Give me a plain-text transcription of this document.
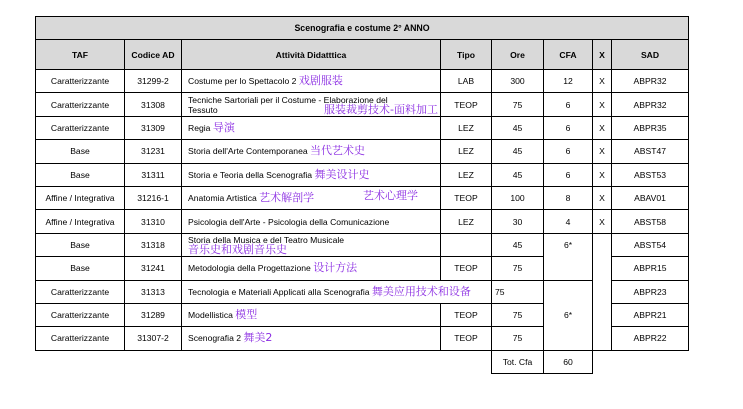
Scenografia e costume 2° ANNO							
TAF	Codice AD	Attività Didatttica	Tipo	Ore	CFA	X	SAD
Caratterizzante	31299-2	Costume per lo Spettacolo 2 戏剧服装	LAB	300	12	X	ABPR32
Caratterizzante	31308	Tecniche Sartoriali per il Costume - Elaborazione del Tessuto 服装裁剪技术-面料加工	TEOP	75	6	X	ABPR32
Caratterizzante	31309	Regia 导演	LEZ	45	6	X	ABPR35
Base	31231	Storia dell'Arte Contemporanea 当代艺术史	LEZ	45	6	X	ABST47
Base	31311	Storia e Teoria della Scenografia 舞美设计史	LEZ	45	6	X	ABST53
Affine / Integrativa	31216-1	Anatomia Artistica 艺术解剖学 艺术心理学	TEOP	100	8	X	ABAV01
Affine / Integrativa	31310	Psicologia dell'Arte - Psicologia della Comunicazione	LEZ	30	4	X	ABST58
Base	31318	Storia della Musica e del Teatro Musicale 音乐史和戏剧音乐史		45	6*		ABST54
Base	31241	Metodologia della Progettazione 设计方法	TEOP	75			ABPR15
Caratterizzante	31313	Tecnologia e Materiali Applicati alla Scenografia 舞美应用技术和设备		75	6*		ABPR23
Caratterizzante	31289	Modellistica 模型	TEOP	75			ABPR21
Caratterizzante	31307-2	Scenografia 2 舞美2	TEOP	75			ABPR22
				Tot. Cfa	60		
